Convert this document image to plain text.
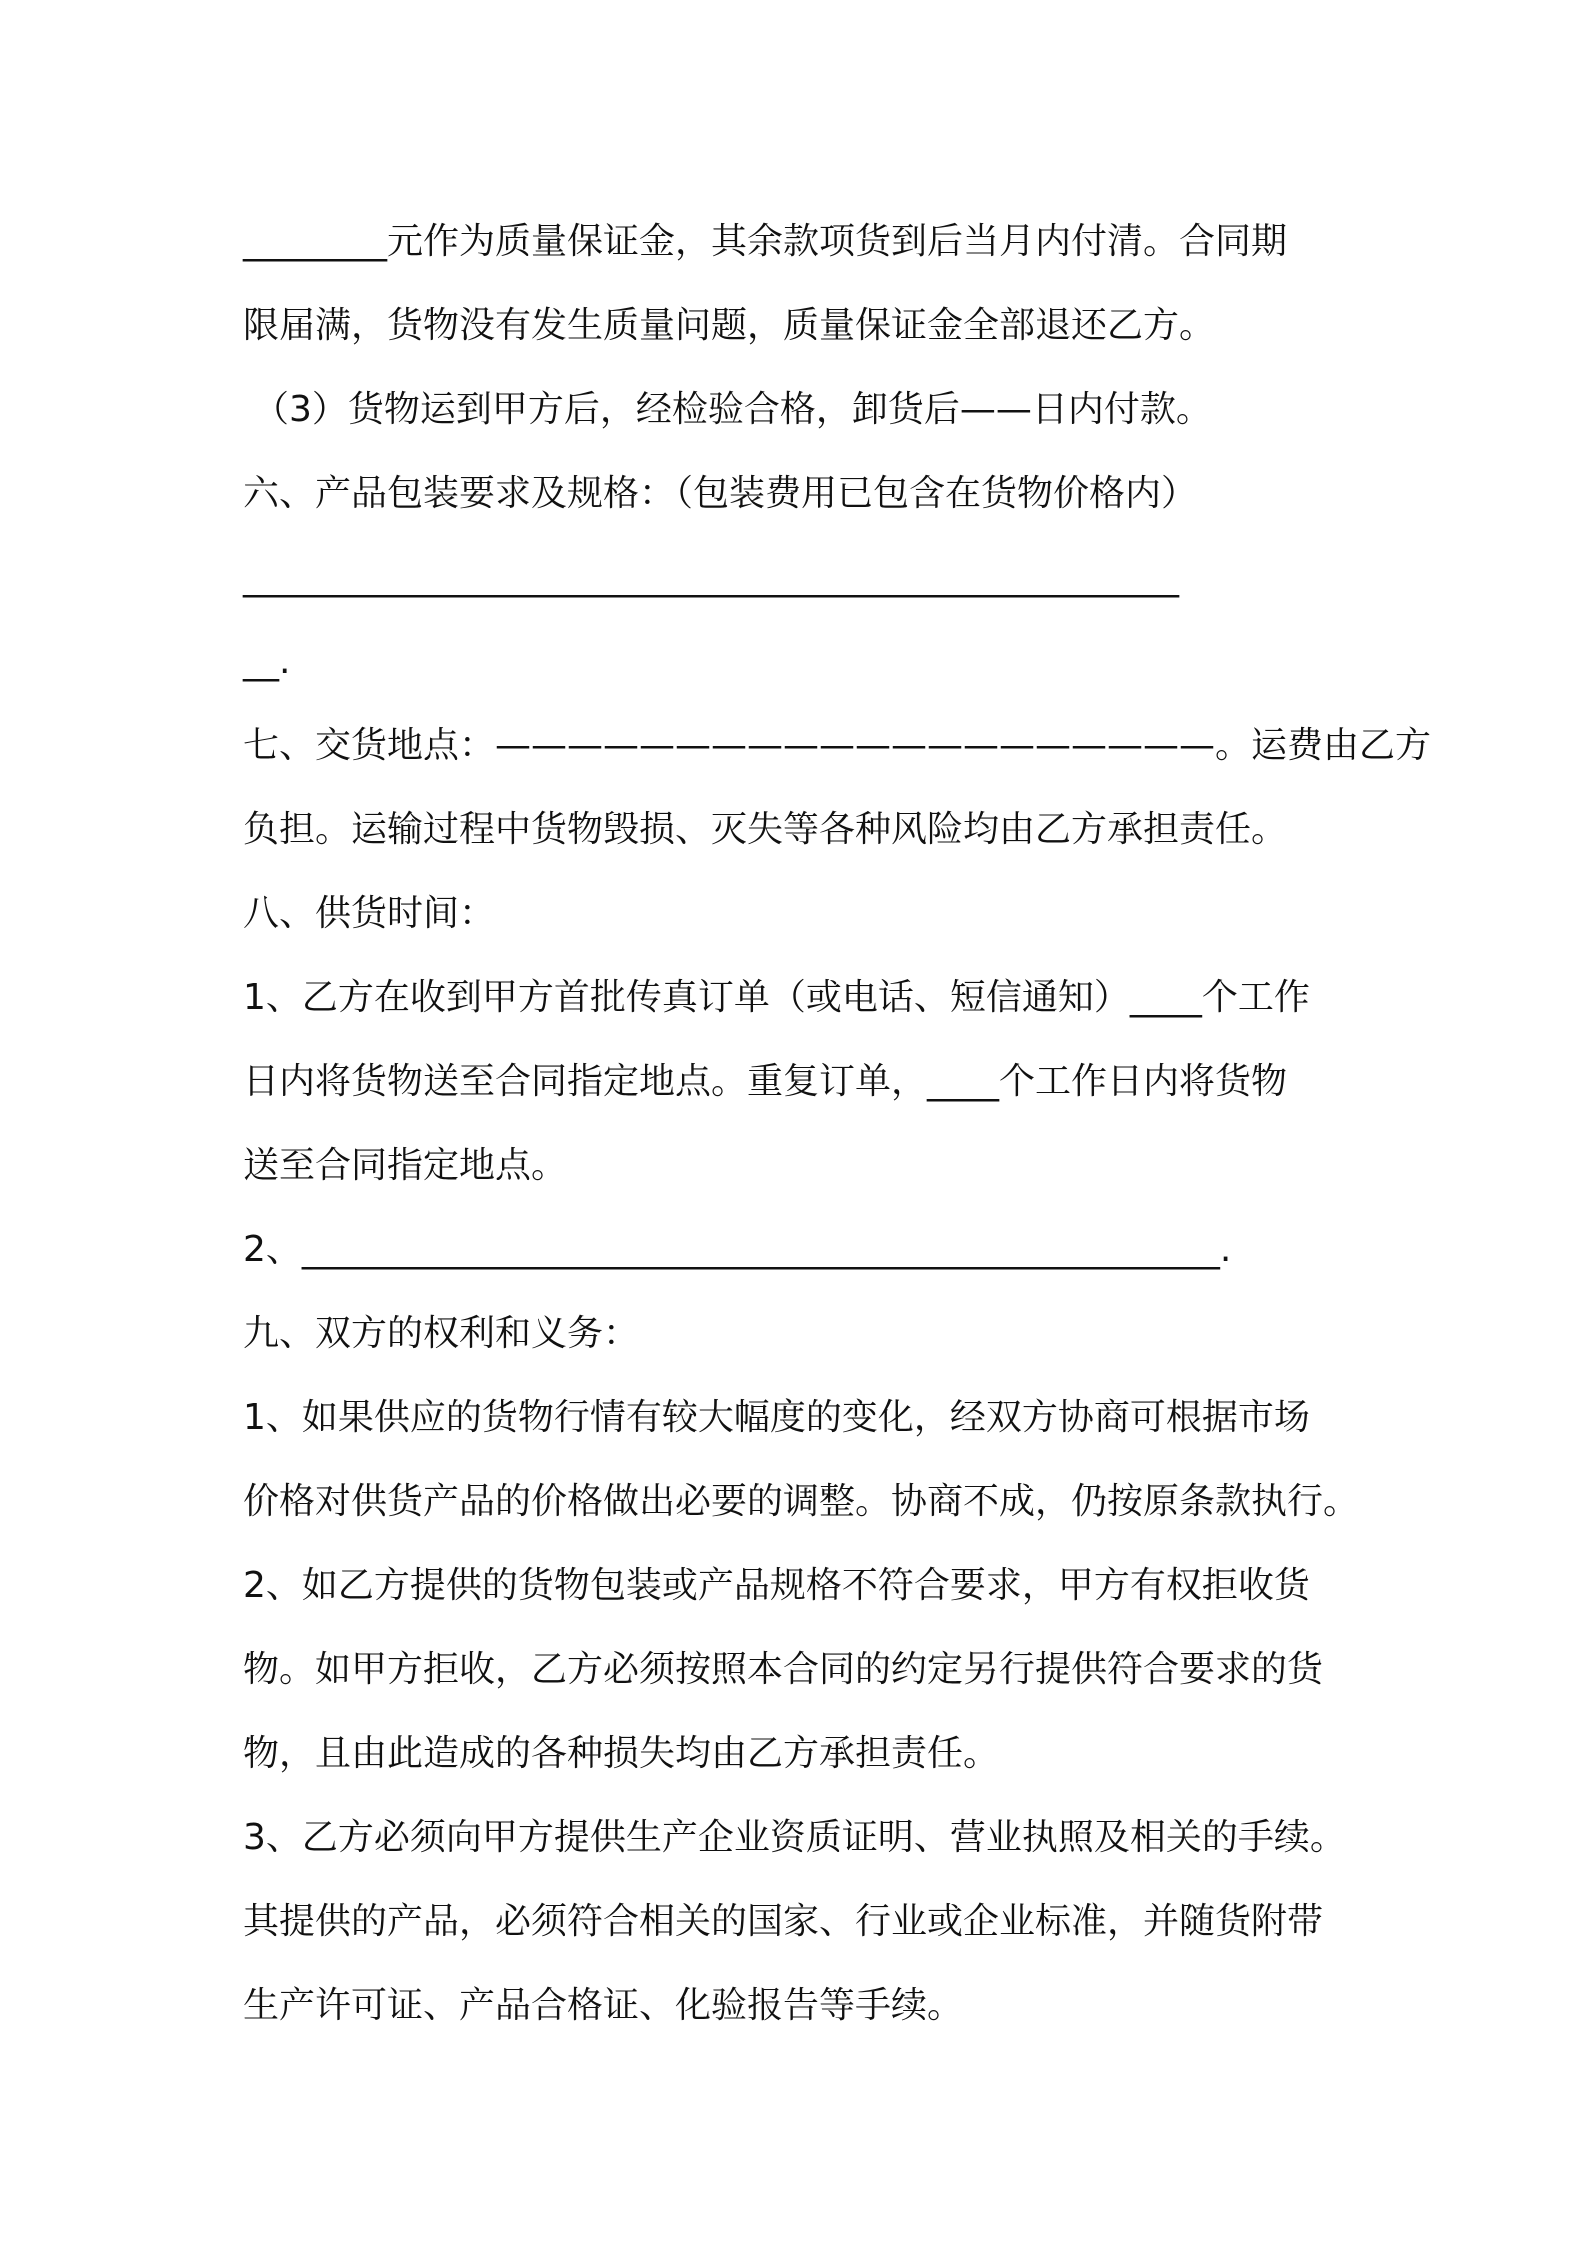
________元作为质量保证金，其余款项货到后当月内付清。合同期
限届满，货物没有发生质量问题，质量保证金全部退还乙方。
（3）货物运到甲方后，经检验合格，卸货后——日内付款。
六、产品包装要求及规格：（包装费用已包含在货物价格内）
____________________________________________________
__.
七、交货地点：————————————————————。运费由乙方
负担。运输过程中货物毁损、灭失等各种风险均由乙方承担责任。
八、供货时间：
1、乙方在收到甲方首批传真订单（或电话、短信通知）____个工作
日内将货物送至合同指定地点。重复订单，____个工作日内将货物
送至合同指定地点。
2、___________________________________________________.
九、双方的权利和义务：
1、如果供应的货物行情有较大幅度的变化，经双方协商可根据市场
价格对供货产品的价格做出必要的调整。协商不成，仍按原条款执行。
2、如乙方提供的货物包装或产品规格不符合要求，甲方有权拒收货
物。如甲方拒收，乙方必须按照本合同的约定另行提供符合要求的货
物，且由此造成的各种损失均由乙方承担责任。
3、乙方必须向甲方提供生产企业资质证明、营业执照及相关的手续。
其提供的产品，必须符合相关的国家、行业或企业标准，并随货附带
生产许可证、产品合格证、化验报告等手续。
